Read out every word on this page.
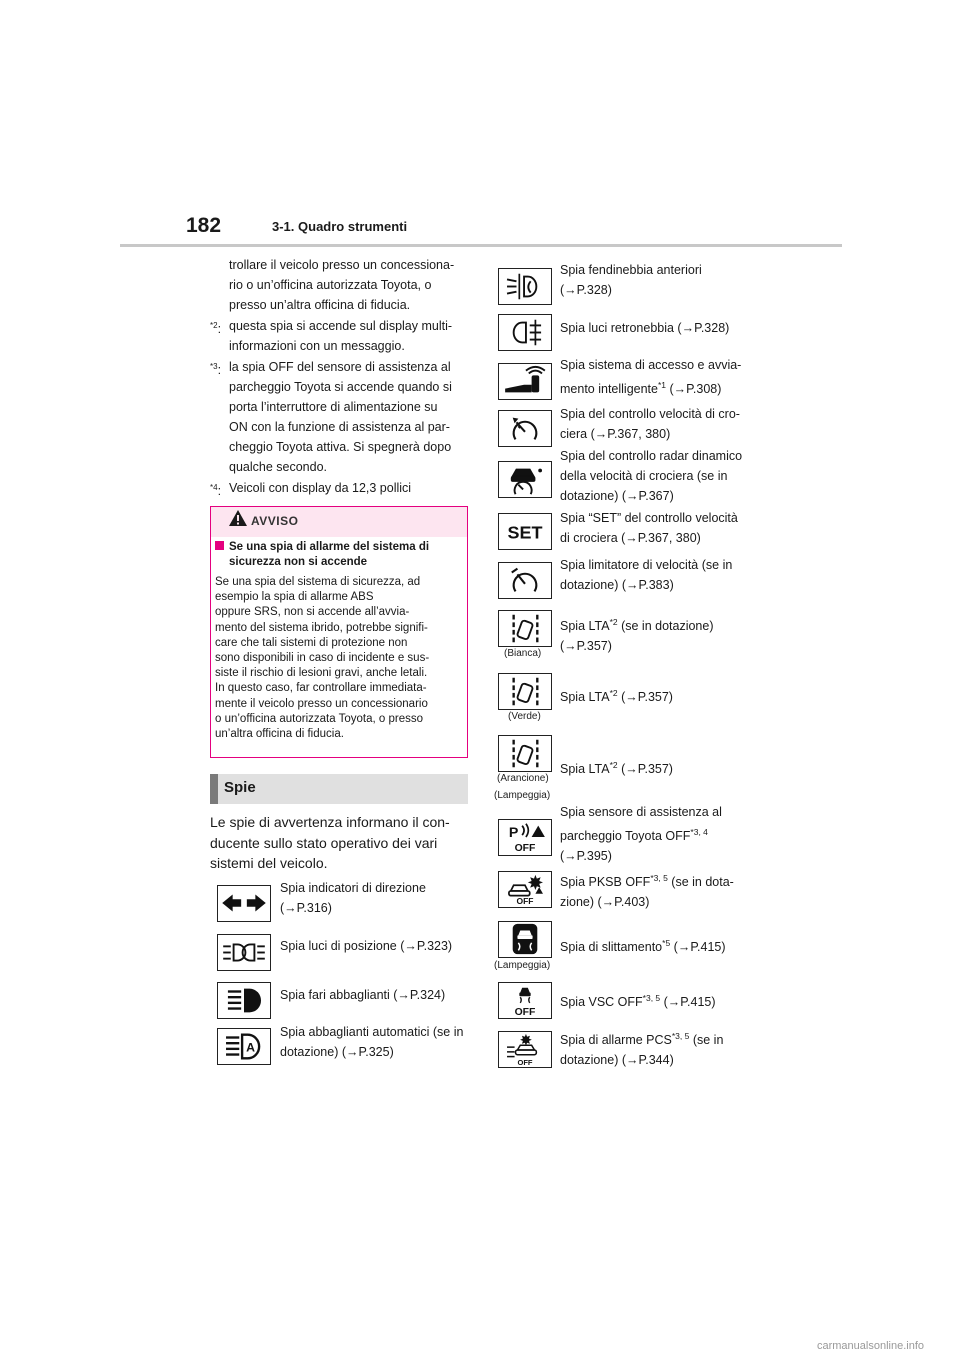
182	3-1. Quadro strumenti
trollare il veicolo presso un concessiona-
rio o un’officina autorizzata Toyota, o
presso un’altra officina di fiducia.
$^{*2}$: questa spia si accende sul display multi-
informazioni con un messaggio.
$^{*3}$: la spia OFF del sensore di assistenza al
parcheggio Toyota si accende quando si
porta l’interruttore di alimentazione su
ON con la funzione di assistenza al par-
cheggio Toyota attiva. Si spegnerà dopo
qualche secondo.
$^{*4}$: Veicoli con display da 12,3 pollici
AVVISO
Se una spia di allarme del sistema di
sicurezza non si accende
Se una spia del sistema di sicurezza, ad
esempio la spia di allarme ABS
oppure SRS, non si accende all’avvia-
mento del sistema ibrido, potrebbe signifi-
care che tali sistemi di protezione non
sono disponibili in caso di incidente e sus-
siste il rischio di lesioni gravi, anche letali.
In questo caso, far controllare immediata-
mente il veicolo presso un concessionario
o un’officina autorizzata Toyota, o presso
un’altra officina di fiducia.
Spie
Le spie di avvertenza informano il con-
ducente sullo stato operativo dei vari
sistemi del veicolo.
Spia indicatori di direzione
(→P.316)
Spia luci di posizione (→P.323)
Spia fari abbaglianti (→P.324)
A
Spia abbaglianti automatici (se in
dotazione) (→P.325)
Spia fendinebbia anteriori
(→P.328)
Spia luci retronebbia (→P.328)
Spia sistema di accesso e avvia-
mento intelligente$^{*1}$ (→P.308)
Spia del controllo velocità di cro-
ciera (→P.367, 380)
Spia del controllo radar dinamico
della velocità di crociera (se in
dotazione) (→P.367)
SET
Spia “SET” del controllo velocità
di crociera (→P.367, 380)
Spia limitatore di velocità (se in
dotazione) (→P.383)
(Bianca)
Spia LTA$^{*2}$ (se in dotazione)
(→P.357)
(Verde)
Spia LTA$^{*2}$ (→P.357)
(Arancione)
(Lampeggia)
Spia LTA$^{*2}$ (→P.357)
P
OFF
Spia sensore di assistenza al
parcheggio Toyota OFF$^{*3, 4}$
(→P.395)
OFF
Spia PKSB OFF$^{*3, 5}$ (se in dota-
zione) (→P.403)
(Lampeggia)
Spia di slittamento$^{*5}$ (→P.415)
OFF
Spia VSC OFF$^{*3, 5}$ (→P.415)
OFF
Spia di allarme PCS$^{*3, 5}$ (se in
dotazione) (→P.344)
carmanualsonline.info
